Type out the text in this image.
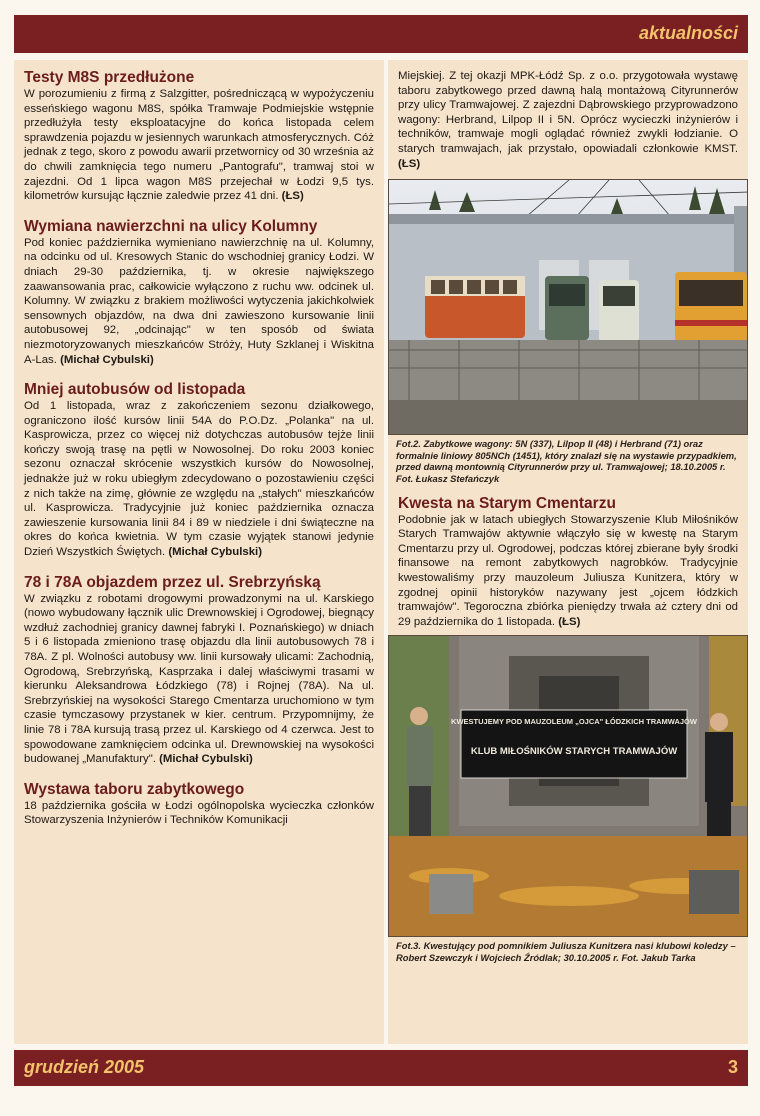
aktualności
Testy M8S przedłużone

W porozumieniu z firmą z Salzgitter, pośredniczącą w wypożyczeniu esseńskiego wagonu M8S, spółka Tramwaje Podmiejskie wstępnie przedłużyła testy eksploatacyjne do końca listopada celem sprawdzenia pojazdu w jesiennych warunkach atmosferycznych. Cóż jednak z tego, skoro z powodu awarii przetwornicy od 30 września aż do chwili zamknięcia tego numeru „Pantografu", tramwaj stoi w zajezdni. Od 1 lipca wagon M8S przejechał w Łodzi 9,5 tys. kilometrów kursując łącznie zaledwie przez 41 dni. (ŁS)

Wymiana nawierzchni na ulicy Kolumny

Pod koniec października wymieniano nawierzchnię na ul. Kolumny, na odcinku od ul. Kresowych Stanic do wschodniej granicy Łodzi. W dniach 29-30 października, tj. w okresie największego zaawansowania prac, całkowicie wyłączono z ruchu ww. odcinek ul. Kolumny. W związku z brakiem możliwości wytyczenia jakichkolwiek sensownych objazdów, na dwa dni zawieszono kursowanie linii autobusowej 92, „odcinając" w ten sposób od świata niezmotoryzowanych mieszkańców Stróży, Huty Szklanej i Wiskitna A-Las. (Michał Cybulski)

Mniej autobusów od listopada

Od 1 listopada, wraz z zakończeniem sezonu działkowego, ograniczono ilość kursów linii 54A do P.O.Dz. „Polanka" na ul. Kasprowicza, przez co więcej niż dotychczas autobusów tejże linii kończy swoją trasę na pętli w Nowosolnej. Do roku 2003 koniec sezonu oznaczał skrócenie wszystkich kursów do Nowosolnej, jednakże już w roku ubiegłym zdecydowano o pozostawieniu części z nich także na zimę, głównie ze względu na „stałych" mieszkańców ul. Kasprowicza. Tradycyjnie już koniec października oznacza zawieszenie kursowania linii 84 i 89 w niedziele i dni świąteczne na okres do końca kwietnia. W tym czasie wyjątek stanowi jedynie Dzień Wszystkich Świętych. (Michał Cybulski)

78 i 78A objazdem przez ul. Srebrzyńską

W związku z robotami drogowymi prowadzonymi na ul. Karskiego (nowo wybudowany łącznik ulic Drewnowskiej i Ogrodowej, biegnący wzdłuż zachodniej granicy dawnej fabryki I. Poznańskiego) w dniach 5 i 6 listopada zmieniono trasę objazdu dla linii autobusowych 78 i 78A. Z pl. Wolności autobusy ww. linii kursowały ulicami: Zachodnią, Ogrodową, Srebrzyńską, Kasprzaka i dalej właściwymi trasami w kierunku Aleksandrowa Łódzkiego (78) i Rojnej (78A). Na ul. Srebrzyńskiej na wysokości Starego Cmentarza uruchomiono w tym czasie tymczasowy przystanek w kier. centrum. Przypomnijmy, że linie 78 i 78A kursują trasą przez ul. Karskiego od 4 czerwca. Jest to spowodowane zamknięciem odcinka ul. Drewnowskiej na wysokości budowanej „Manufaktury". (Michał Cybulski)

Wystawa taboru zabytkowego

18 października gościła w Łodzi ogólnopolska wycieczka członków Stowarzyszenia Inżynierów i Techników Komunikacji

Miejskiej. Z tej okazji MPK-Łódź Sp. z o.o. przygotowała wystawę taboru zabytkowego przed dawną halą montażową Cityrunnerów przy ulicy Tramwajowej. Z zajezdni Dąbrowskiego przyprowadzono wagony: Herbrand, Lilpop II i 5N. Oprócz wycieczki inżynierów i techników, tramwaje mogli oglądać również zwykli łodzianie. O starych tramwajach, jak przystało, opowiadali członkowie KMST. (ŁS)

Fot.2. Zabytkowe wagony: 5N (337), Lilpop II (48) i Herbrand (71) oraz formalnie liniowy 805NCh (1451), który znalazł się na wystawie przypadkiem, przed dawną montownią Cityrunnerów przy ul. Tramwajowej; 18.10.2005 r. Fot. Łukasz Stefańczyk
Kwesta na Starym Cmentarzu

Podobnie jak w latach ubiegłych Stowarzyszenie Klub Miłośników Starych Tramwajów aktywnie włączyło się w kwestę na Starym Cmentarzu przy ul. Ogrodowej, podczas której zbierane były środki finansowe na remont zabytkowych nagrobków. Tradycyjnie kwestowaliśmy przy mauzoleum Juliusza Kunitzera, który w zgodnej opinii historyków nazywany jest „ojcem łódzkich tramwajów". Tegoroczna zbiórka pieniędzy trwała aż cztery dni od 29 października do 1 listopada. (ŁS)

KWESTUJEMY POD MAUZOLEUM „OJCA" ŁÓDZKICH TRAMWAJÓW
KLUB MIŁOŚNIKÓW STARYCH TRAMWAJÓW
Fot.3. Kwestujący pod pomnikiem Juliusza Kunitzera nasi klubowi koledzy – Robert Szewczyk i Wojciech Źródlak; 30.10.2005 r. Fot. Jakub Tarka
grudzień 2005	3
